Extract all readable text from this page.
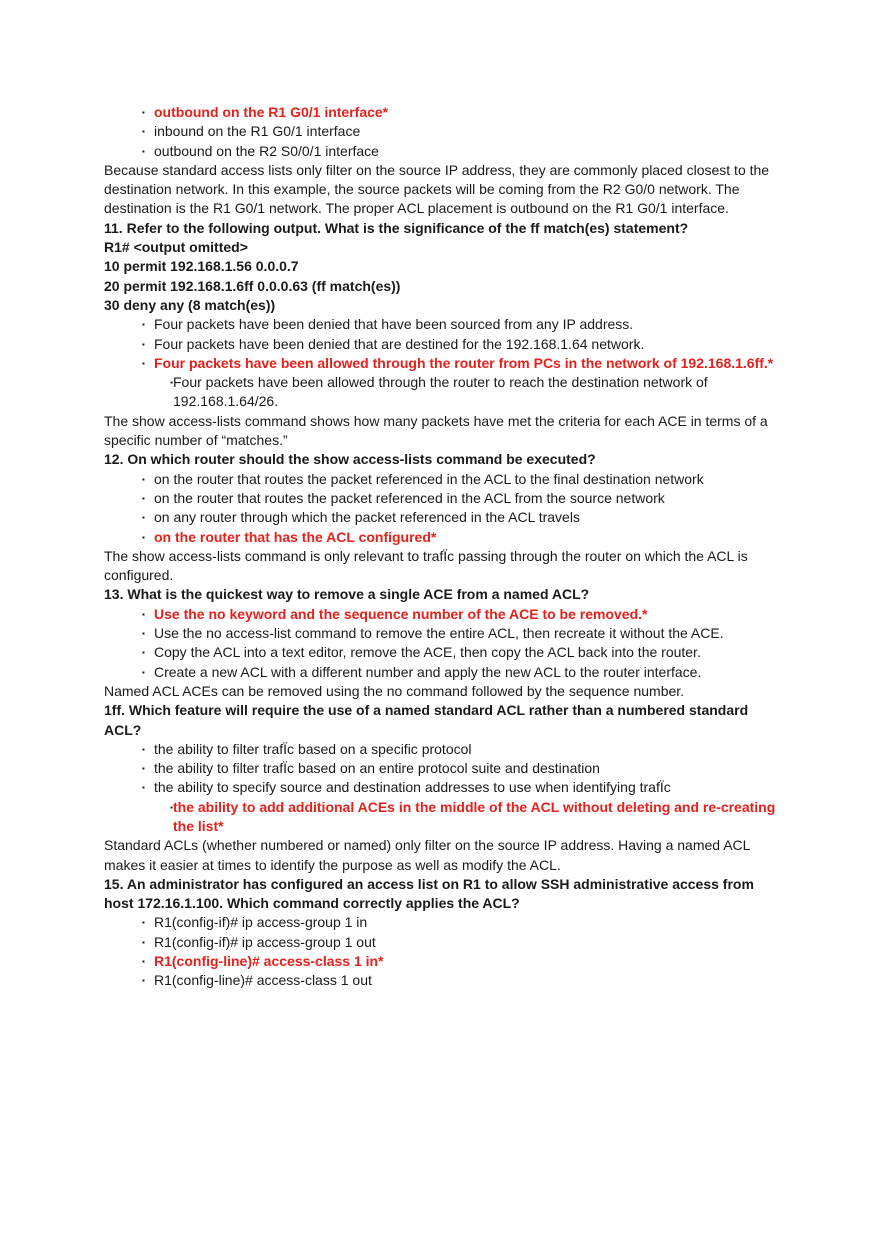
▪ outbound on the R1 G0/1 interface*
▪ inbound on the R1 G0/1 interface
▪ outbound on the R2 S0/0/1 interface
Because standard access lists only filter on the source IP address, they are commonly placed closest to the destination network. In this example, the source packets will be coming from the R2 G0/0 network. The destination is the R1 G0/1 network. The proper ACL placement is outbound on the R1 G0/1 interface.
11. Refer to the following output. What is the significance of the ff match(es) statement?
R1# <output omitted>
10 permit 192.168.1.56 0.0.0.7
20 permit 192.168.1.6ff 0.0.0.63 (ff match(es))
30 deny any (8 match(es))
▪ Four packets have been denied that have been sourced from any IP address.
▪ Four packets have been denied that are destined for the 192.168.1.64 network.
▪ Four packets have been allowed through the router from PCs in the network of 192.168.1.6ff.*
▪Four packets have been allowed through the router to reach the destination network of 192.168.1.64/26.
The show access-lists command shows how many packets have met the criteria for each ACE in terms of a specific number of “matches.”
12. On which router should the show access-lists command be executed?
▪ on the router that routes the packet referenced in the ACL to the final destination network
▪ on the router that routes the packet referenced in the ACL from the source network
▪ on any router through which the packet referenced in the ACL travels
▪ on the router that has the ACL configured*
The show access-lists command is only relevant to trafÏc passing through the router on which the ACL is configured.
13. What is the quickest way to remove a single ACE from a named ACL?
▪ Use the no keyword and the sequence number of the ACE to be removed.*
▪ Use the no access-list command to remove the entire ACL, then recreate it without the ACE.
▪ Copy the ACL into a text editor, remove the ACE, then copy the ACL back into the router.
▪ Create a new ACL with a different number and apply the new ACL to the router interface.
Named ACL ACEs can be removed using the no command followed by the sequence number.
1ff. Which feature will require the use of a named standard ACL rather than a numbered standard ACL?
▪ the ability to filter trafÏc based on a specific protocol
▪ the ability to filter trafÏc based on an entire protocol suite and destination
▪ the ability to specify source and destination addresses to use when identifying trafÏc
▪the ability to add additional ACEs in the middle of the ACL without deleting and re-creating the list*
Standard ACLs (whether numbered or named) only filter on the source IP address. Having a named ACL makes it easier at times to identify the purpose as well as modify the ACL.
15. An administrator has configured an access list on R1 to allow SSH administrative access from host 172.16.1.100. Which command correctly applies the ACL?
▪ R1(config-if)# ip access-group 1 in
▪ R1(config-if)# ip access-group 1 out
▪ R1(config-line)# access-class 1 in*
▪ R1(config-line)# access-class 1 out
